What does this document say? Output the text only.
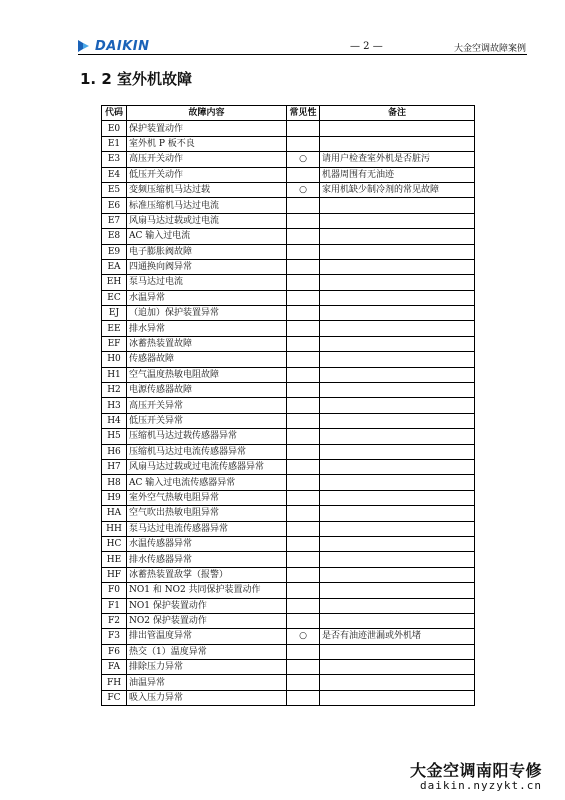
DAIKIN	— 2 —	大金空调故障案例
1. 2 室外机故障
代码	故障内容	常见性	备注
E0	保护装置动作		
E1	室外机 P 板不良		
E3	高压开关动作	○	请用户检查室外机是否脏污
E4	低压开关动作		机器周围有无油迹
E5	变频压缩机马达过载	○	家用机缺少制冷剂的常见故障
E6	标准压缩机马达过电流		
E7	风扇马达过载或过电流		
E8	AC 输入过电流		
E9	电子膨胀阀故障		
EA	四通换向阀异常		
EH	泵马达过电流		
EC	水温异常		
EJ	（追加）保护装置异常		
EE	排水异常		
EF	冰蓄热装置故障		
H0	传感器故障		
H1	空气温度热敏电阻故障		
H2	电源传感器故障		
H3	高压开关异常		
H4	低压开关异常		
H5	压缩机马达过载传感器异常		
H6	压缩机马达过电流传感器异常		
H7	风扇马达过载或过电流传感器异常		
H8	AC 输入过电流传感器异常		
H9	室外空气热敏电阻异常		
HA	空气吹出热敏电阻异常		
HH	泵马达过电流传感器异常		
HC	水温传感器异常		
HE	排水传感器异常		
HF	冰蓄热装置敌掌（报警）		
F0	NO1 和 NO2 共同保护装置动作		
F1	NO1 保护装置动作		
F2	NO2 保护装置动作		
F3	排出管温度异常	○	是否有油迹泄漏或外机堵
F6	热交（1）温度异常		
FA	排除压力异常		
FH	油温异常		
FC	吸入压力异常		
大金空调南阳专修
daikin.nyzykt.cn
